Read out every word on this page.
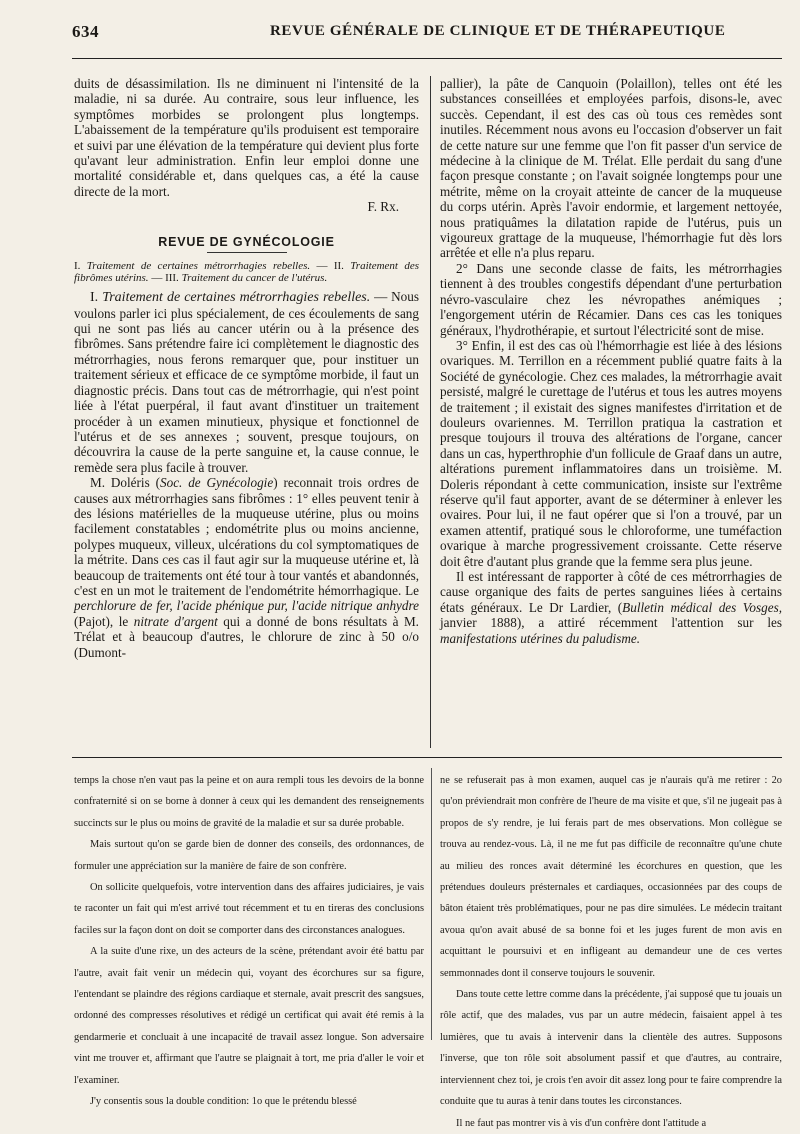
634	REVUE GÉNÉRALE DE CLINIQUE ET DE THÉRAPEUTIQUE

duits de désassimilation. Ils ne diminuent ni l'intensité de la maladie, ni sa durée. Au contraire, sous leur influence, les symptômes morbides se prolongent plus longtemps. L'abaissement de la température qu'ils produisent est temporaire et suivi par une élévation de la température qui devient plus forte qu'avant leur administration. Enfin leur emploi donne une mortalité considérable et, dans quelques cas, a été la cause directe de la mort.

F. Rx.

REVUE DE GYNÉCOLOGIE

I. Traitement de certaines métrorrhagies rebelles. — II. Traitement des fibrômes utérins. — III. Traitement du cancer de l'utérus.

I. Traitement de certaines métrorrhagies rebelles. — Nous voulons parler ici plus spécialement, de ces écoulements de sang qui ne sont pas liés au cancer utérin ou à la présence des fibrômes. Sans prétendre faire ici complètement le diagnostic des métrorrhagies, nous ferons remarquer que, pour instituer un traitement sérieux et efficace de ce symptôme morbide, il faut un diagnostic précis. Dans tout cas de métrorrhagie, qui n'est point liée à l'état puerpéral, il faut avant d'instituer un traitement procéder à un examen minutieux, physique et fonctionnel de l'utérus et de ses annexes ; souvent, presque toujours, on découvrira la cause de la perte sanguine et, la cause connue, le remède sera plus facile à trouver.

M. Doléris (Soc. de Gynécologie) reconnait trois ordres de causes aux métrorrhagies sans fibrômes : 1° elles peuvent tenir à des lésions matérielles de la muqueuse utérine, plus ou moins facilement constatables ; endométrite plus ou moins ancienne, polypes muqueux, villeux, ulcérations du col symptomatiques de la métrite. Dans ces cas il faut agir sur la muqueuse utérine et, là beaucoup de traitements ont été tour à tour vantés et abandonnés, c'est en un mot le traitement de l'endométrite hémorrhagique. Le perchlorure de fer, l'acide phénique pur, l'acide nitrique anhydre (Pajot), le nitrate d'argent qui a donné de bons résultats à M. Trélat et à beaucoup d'autres, le chlorure de zinc à 50 o/o (Dumont-

pallier), la pâte de Canquoin (Polaillon), telles ont été les substances conseillées et employées parfois, disons-le, avec succès. Cependant, il est des cas où tous ces remèdes sont inutiles. Récemment nous avons eu l'occasion d'observer un fait de cette nature sur une femme que l'on fit passer d'un service de médecine à la clinique de M. Trélat. Elle perdait du sang d'une façon presque constante ; on l'avait soignée longtemps pour une métrite, même on la croyait atteinte de cancer de la muqueuse du corps utérin. Après l'avoir endormie, et largement nettoyée, nous pratiquâmes la dilatation rapide de l'utérus, puis un vigoureux grattage de la muqueuse, l'hémorrhagie fut dès lors arrêtée et elle n'a plus reparu.

2° Dans une seconde classe de faits, les métrorrhagies tiennent à des troubles congestifs dépendant d'une perturbation névro-vasculaire chez les névropathes anémiques ; l'engorgement utérin de Récamier. Dans ces cas les toniques généraux, l'hydrothérapie, et surtout l'électricité sont de mise.

3° Enfin, il est des cas où l'hémorrhagie est liée à des lésions ovariques. M. Terrillon en a récemment publié quatre faits à la Société de gynécologie. Chez ces malades, la métrorrhagie avait persisté, malgré le curettage de l'utérus et tous les autres moyens de traitement ; il existait des signes manifestes d'irritation et de douleurs ovariennes. M. Terrillon pratiqua la castration et presque toujours il trouva des altérations de l'organe, cancer dans un cas, hyperthrophie d'un follicule de Graaf dans un autre, altérations purement inflammatoires dans un troisième. M. Doleris répondant à cette communication, insiste sur l'extrême réserve qu'il faut apporter, avant de se déterminer à enlever les ovaires. Pour lui, il ne faut opérer que si l'on a trouvé, par un examen attentif, pratiqué sous le chloroforme, une tuméfaction ovarique à marche progressivement croissante. Cette réserve doit être d'autant plus grande que la femme sera plus jeune.

Il est intéressant de rapporter à côté de ces métrorrhagies de cause organique des faits de pertes sanguines liées à certains états généraux. Le Dr Lardier, (Bulletin médical des Vosges, janvier 1888), a attiré récemment l'attention sur les manifestations utérines du paludisme.

temps la chose n'en vaut pas la peine et on aura rempli tous les devoirs de la bonne confraternité si on se borne à donner à ceux qui les demandent des renseignements succincts sur le plus ou moins de gravité de la maladie et sur sa durée probable.

Mais surtout qu'on se garde bien de donner des conseils, des ordonnances, de formuler une appréciation sur la manière de faire de son confrère.

On sollicite quelquefois, votre intervention dans des affaires judiciaires, je vais te raconter un fait qui m'est arrivé tout récemment et tu en tireras des conclusions faciles sur la façon dont on doit se comporter dans des circonstances analogues.

A la suite d'une rixe, un des acteurs de la scène, prétendant avoir été battu par l'autre, avait fait venir un médecin qui, voyant des écorchures sur sa figure, l'entendant se plaindre des régions cardiaque et sternale, avait prescrit des sangsues, ordonné des compresses résolutives et rédigé un certificat qui avait été remis à la gendarmerie et concluait à une incapacité de travail assez longue. Son adversaire vint me trouver et, affirmant que l'autre se plaignait à tort, me pria d'aller le voir et l'examiner.

J'y consentis sous la double condition: 1o que le prétendu blessé

ne se refuserait pas à mon examen, auquel cas je n'aurais qu'à me retirer : 2o qu'on préviendrait mon confrère de l'heure de ma visite et que, s'il ne jugeait pas à propos de s'y rendre, je lui ferais part de mes observations. Mon collègue se trouva au rendez-vous. Là, il ne me fut pas difficile de reconnaître qu'une chute au milieu des ronces avait déterminé les écorchures en question, que les prétendues douleurs présternales et cardiaques, occasionnées par des coups de bâton étaient très problématiques, pour ne pas dire simulées. Le médecin traitant avoua qu'on avait abusé de sa bonne foi et les juges furent de mon avis en acquittant le poursuivi et en infligeant au demandeur une de ces vertes semmonnades dont il conserve toujours le souvenir.

Dans toute cette lettre comme dans la précédente, j'ai supposé que tu jouais un rôle actif, que des malades, vus par un autre médecin, faisaient appel à tes lumières, que tu avais à intervenir dans la clientèle des autres. Supposons l'inverse, que ton rôle soit absolument passif et que d'autres, au contraire, interviennent chez toi, je crois t'en avoir dit assez long pour te faire comprendre la conduite que tu auras à tenir dans toutes les circonstances.

Il ne faut pas montrer vis à vis d'un confrère dont l'attitude a
